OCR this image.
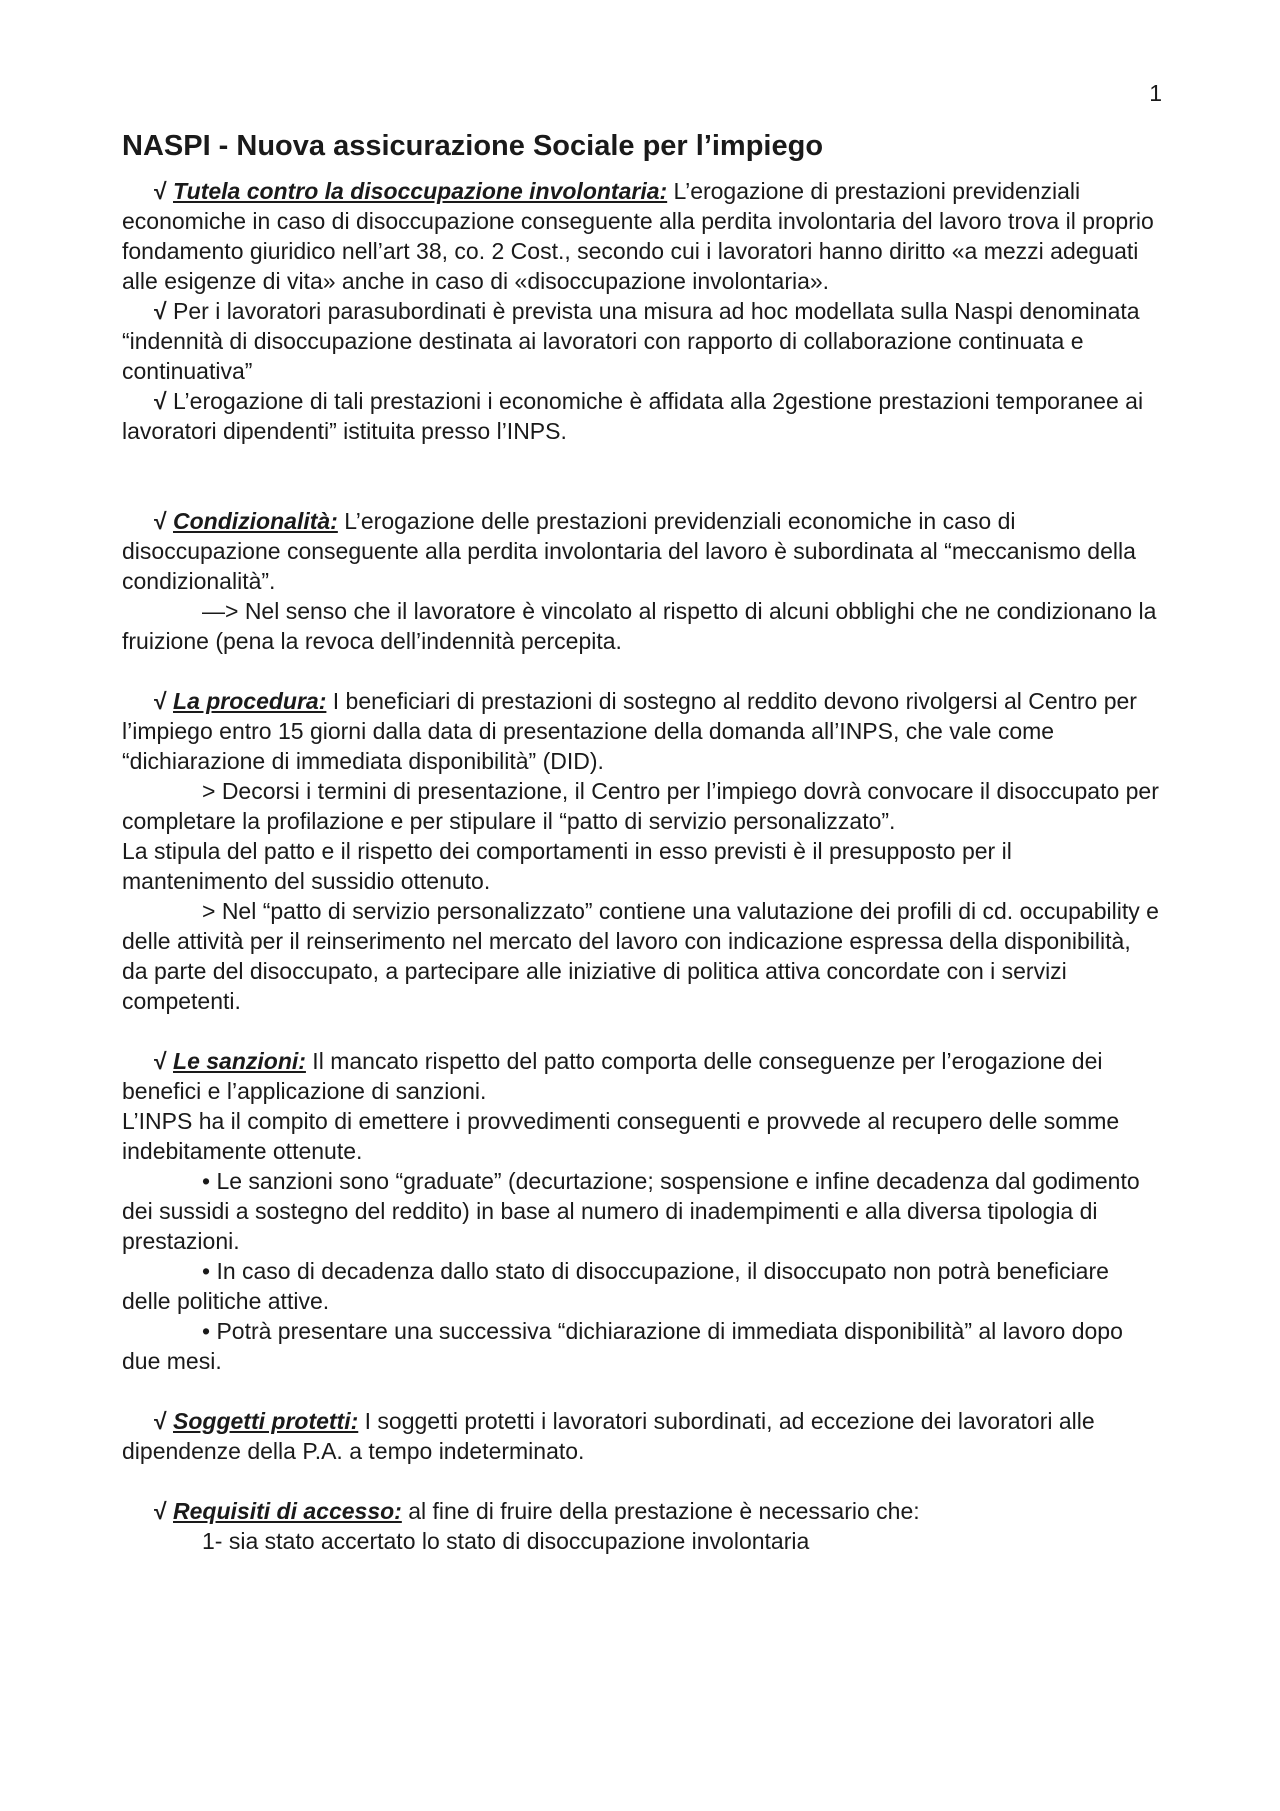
1
NASPI - Nuova assicurazione Sociale per l’impiego

√ Tutela contro la disoccupazione involontaria: L’erogazione di prestazioni previdenziali economiche in caso di disoccupazione conseguente alla perdita involontaria del lavoro trova il proprio fondamento giuridico nell’art 38, co. 2 Cost., secondo cui i lavoratori hanno diritto «a mezzi adeguati alle esigenze di vita» anche in caso di «disoccupazione involontaria».

√ Per i lavoratori parasubordinati è prevista una misura ad hoc modellata sulla Naspi denominata “indennità di disoccupazione destinata ai lavoratori con rapporto di collaborazione continuata e continuativa”

√ L’erogazione di tali prestazioni i economiche è affidata alla 2gestione prestazioni temporanee ai lavoratori dipendenti” istituita presso l’INPS.

√ Condizionalità: L’erogazione delle prestazioni previdenziali economiche in caso di disoccupazione conseguente alla perdita involontaria del lavoro è subordinata al “meccanismo della condizionalità”.

—> Nel senso che il lavoratore è vincolato al rispetto di alcuni obblighi che ne condizionano la fruizione (pena la revoca dell’indennità percepita.

√ La procedura: I beneficiari di prestazioni di sostegno al reddito devono rivolgersi al Centro per l’impiego entro 15 giorni dalla data di presentazione della domanda all’INPS, che vale come “dichiarazione di immediata disponibilità” (DID).

> Decorsi i termini di presentazione, il Centro per l’impiego dovrà convocare il disoccupato per completare la profilazione e per stipulare il “patto di servizio personalizzato”.

La stipula del patto e il rispetto dei comportamenti in esso previsti è il presupposto per il mantenimento del sussidio ottenuto.

> Nel “patto di servizio personalizzato” contiene una valutazione dei profili di cd. occupability e delle attività per il reinserimento nel mercato del lavoro con indicazione espressa della disponibilità, da parte del disoccupato, a partecipare alle iniziative di politica attiva concordate con i servizi competenti.

√ Le sanzioni: Il mancato rispetto del patto comporta delle conseguenze per l’erogazione dei benefici e l’applicazione di sanzioni.

L’INPS ha il compito di emettere i provvedimenti conseguenti e provvede al recupero delle somme indebitamente ottenute.

• Le sanzioni sono “graduate” (decurtazione; sospensione e infine decadenza dal godimento dei sussidi a sostegno del reddito) in base al numero di inadempimenti e alla diversa tipologia di prestazioni.

• In caso di decadenza dallo stato di disoccupazione, il disoccupato non potrà beneficiare delle politiche attive.

• Potrà presentare una successiva “dichiarazione di immediata disponibilità” al lavoro dopo due mesi.

√ Soggetti protetti: I soggetti protetti i lavoratori subordinati, ad eccezione dei lavoratori alle dipendenze della P.A. a tempo indeterminato.

√ Requisiti di accesso: al fine di fruire della prestazione è necessario che:

1- sia stato accertato lo stato di disoccupazione involontaria
